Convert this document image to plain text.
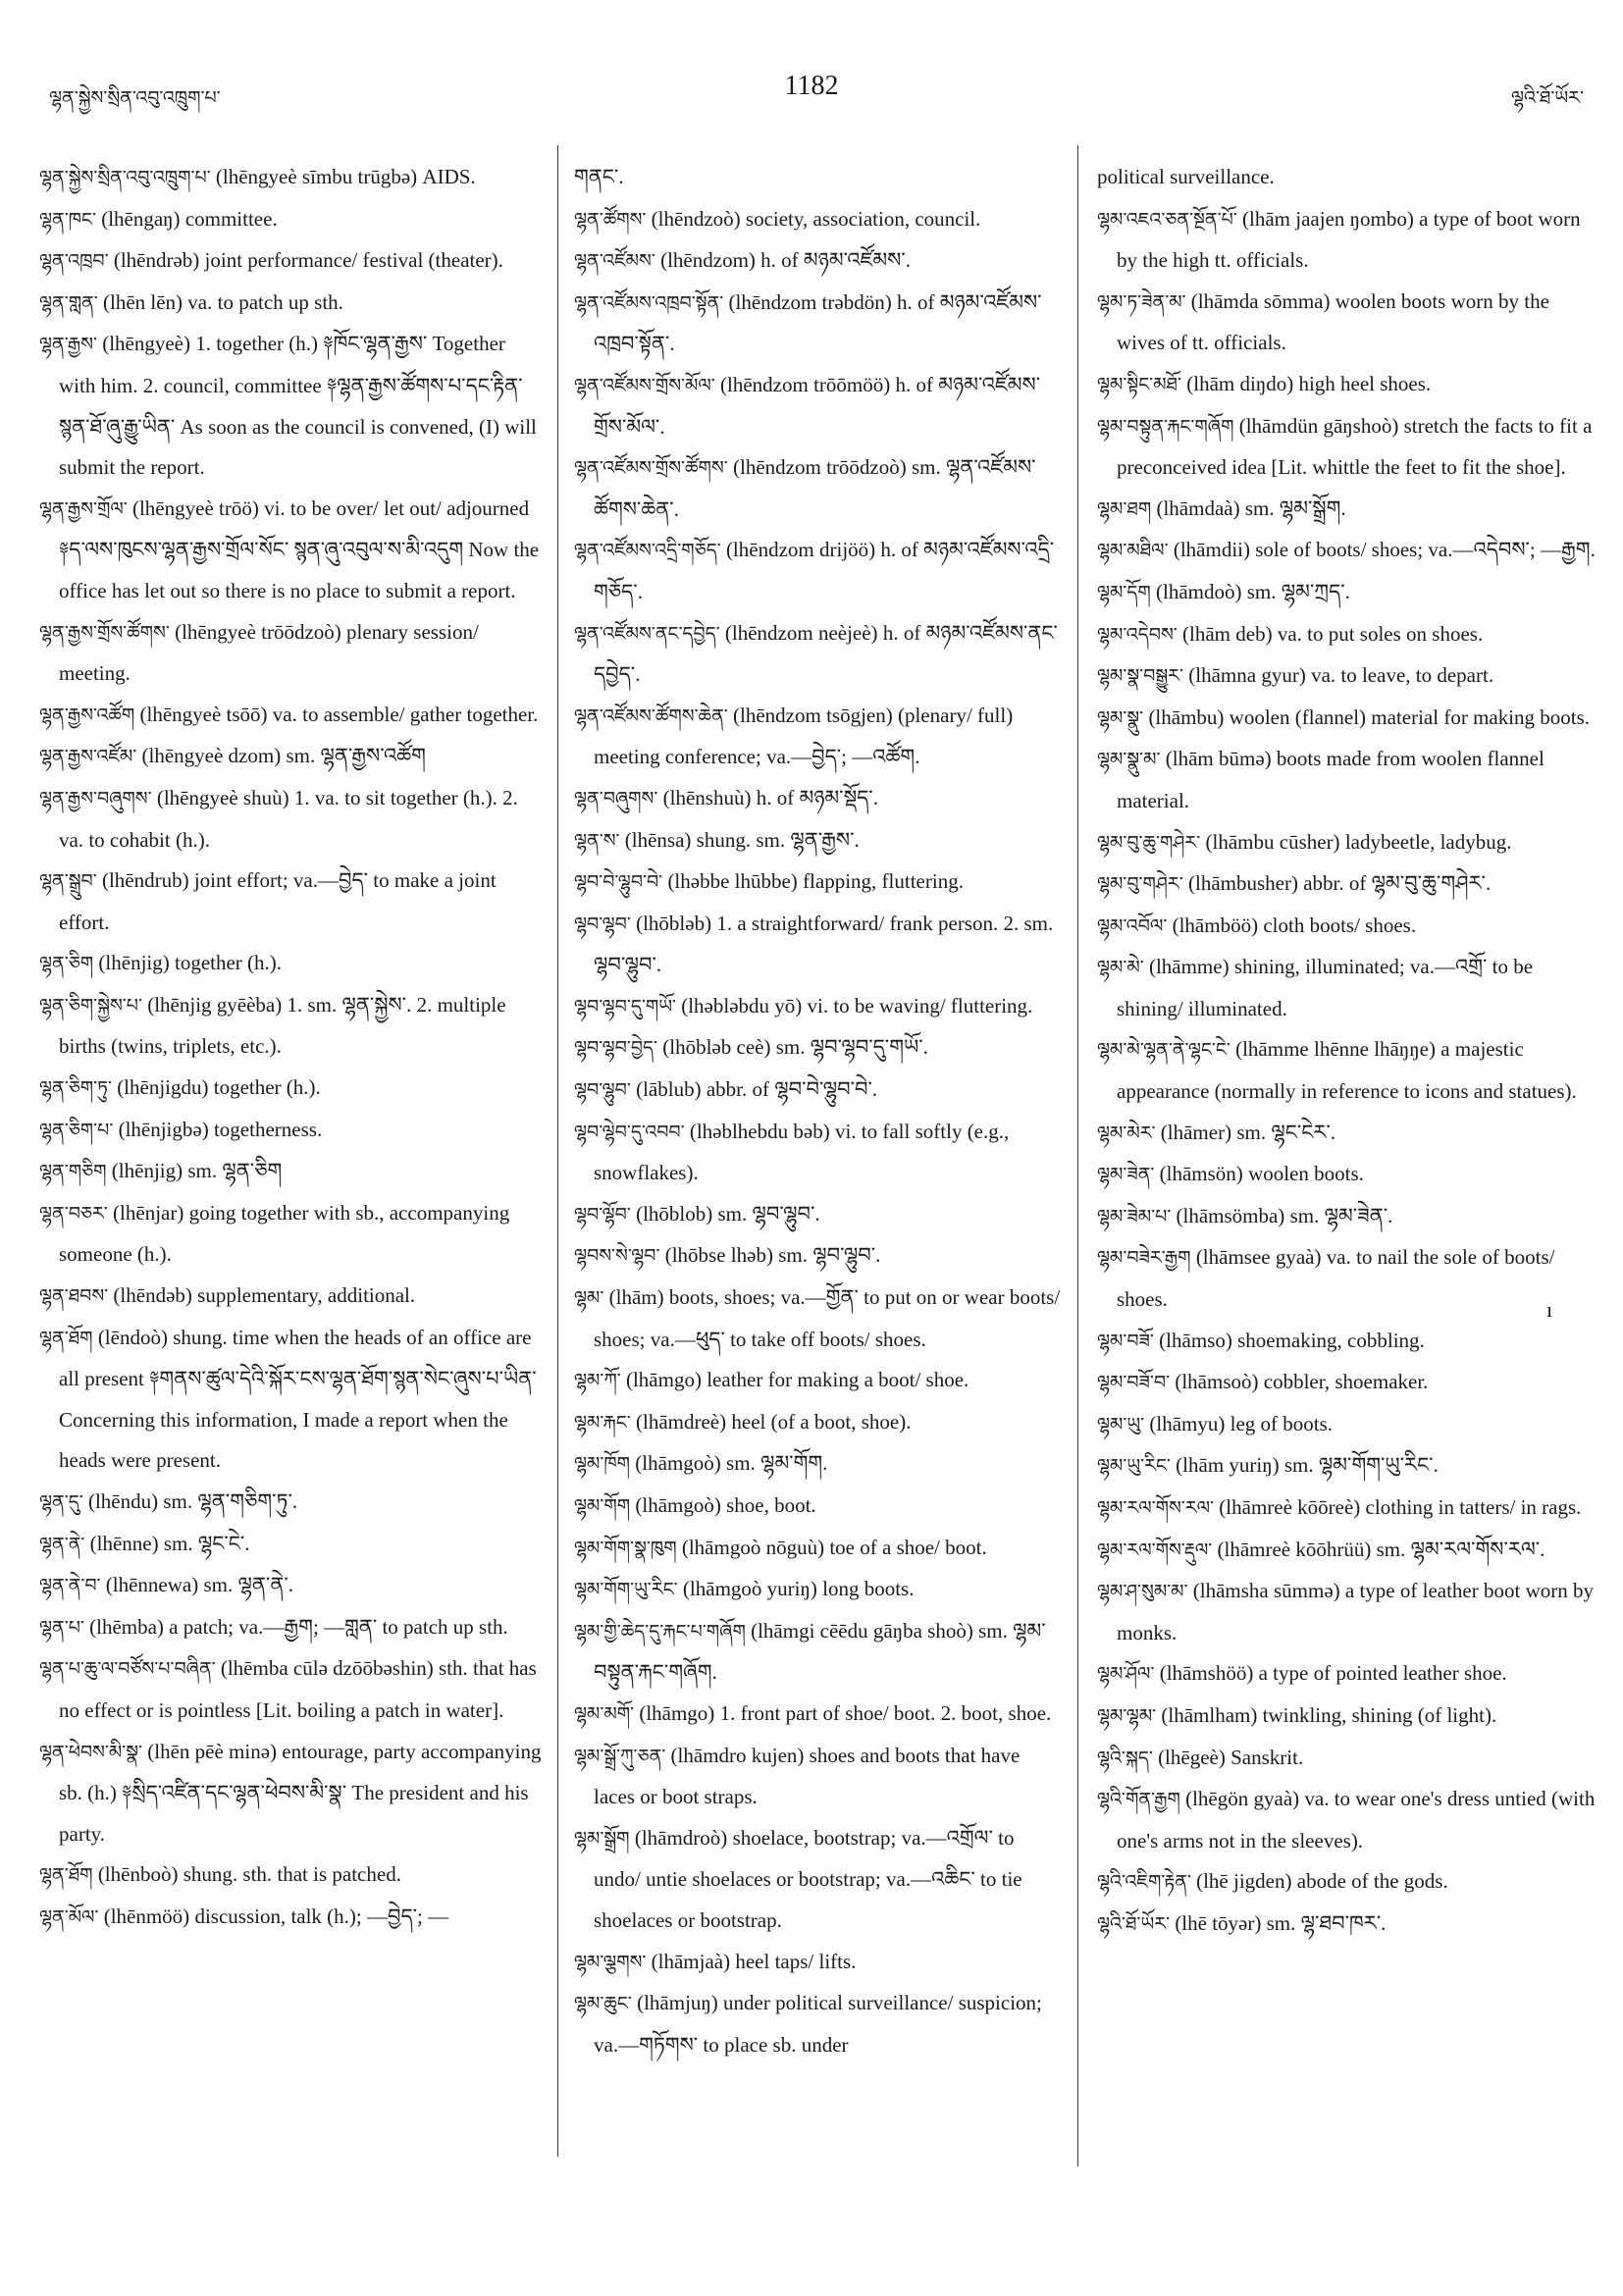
ལྷན་སྐྱེས་སྲིན་འབུ་འཁྲུག་པ་	1182	ལྷའི་ཐོ་ཡོར་

ལྷན་སྐྱེས་སྲིན་འབུ་འཁྲུག་པ་ (lhēngyeè sīmbu trūgbə) AIDS.

ལྷན་ཁང་ (lhēngaŋ) committee.

ལྷན་འཁྲབ་ (lhēndrəb) joint performance/ festival (theater).

ལྷན་གླན་ (lhēn lēn) va. to patch up sth.

ལྷན་རྒྱས་ (lhēngyeè) 1. together (h.) ༈ཁོང་ལྷན་རྒྱས་ Together with him. 2. council, committee ༈ལྷན་རྒྱས་ཚོགས་པ་དང་རྟིན་སྙན་ཐོ་ཞུ་རྒྱུ་ཡིན་ As soon as the council is convened, (I) will submit the report.

ལྷན་རྒྱས་གྲོལ་ (lhēngyeè trōö) vi. to be over/ let out/ adjourned ༈ད་ལས་ཁུངས་ལྷན་རྒྱས་གྲོལ་སོང་ སྙན་ཞུ་འབུལ་ས་མི་འདུག Now the office has let out so there is no place to submit a report.

ལྷན་རྒྱས་གྲོས་ཚོགས་ (lhēngyeè trōōdzoò) plenary session/ meeting.

ལྷན་རྒྱས་འཚོག (lhēngyeè tsōō) va. to assemble/ gather together.

ལྷན་རྒྱས་འཛོམ་ (lhēngyeè dzom) sm. ལྷན་རྒྱས་འཚོག

ལྷན་རྒྱས་བཞུགས་ (lhēngyeè shuù) 1. va. to sit together (h.). 2. va. to cohabit (h.).

ལྷན་སྒྲུབ་ (lhēndrub) joint effort; va.—བྱེད་ to make a joint effort.

ལྷན་ཅིག (lhēnjig) together (h.).

ལྷན་ཅིག་སྐྱེས་པ་ (lhēnjig gyēèba) 1. sm. ལྷན་སྐྱེས་. 2. multiple births (twins, triplets, etc.).

ལྷན་ཅིག་ཏུ་ (lhēnjigdu) together (h.).

ལྷན་ཅིག་པ་ (lhēnjigbə) togetherness.

ལྷན་གཅིག (lhēnjig) sm. ལྷན་ཅིག

ལྷན་བཅར་ (lhēnjar) going together with sb., accompanying someone (h.).

ལྷན་ཐབས་ (lhēndəb) supplementary, additional.

ལྷན་ཐོག (lēndoò) shung. time when the heads of an office are all present ༈གནས་ཚུལ་དེའི་སྐོར་ངས་ལྷན་ཐོག་སྙན་སེང་ཞུས་པ་ཡིན་ Concerning this information, I made a report when the heads were present.

ལྷན་དུ་ (lhēndu) sm. ལྷན་གཅིག་ཏུ་.

ལྷན་ནེ་ (lhēnne) sm. ལྷང་ངེ་.

ལྷན་ནེ་བ་ (lhēnnewa) sm. ལྷན་ནེ་.

ལྷན་པ་ (lhēmba) a patch; va.—རྒྱག; —གླན་ to patch up sth.

ལྷན་པ་ཆུ་ལ་བཙོས་པ་བཞིན་ (lhēmba cūlə dzōōbəshin) sth. that has no effect or is pointless [Lit. boiling a patch in water].

ལྷན་ཕེབས་མི་སྣ་ (lhēn pēè minə) entourage, party accompanying sb. (h.) ༈སྲིད་འཛིན་དང་ལྷན་ཕེབས་མི་སྣ་ The president and his party.

ལྷན་ཐོག (lhēnboò) shung. sth. that is patched.

ལྷན་མོལ་ (lhēnmöö) discussion, talk (h.); —བྱེད་; —

གནང་.

ལྷན་ཚོགས་ (lhēndzoò) society, association, council.

ལྷན་འཛོམས་ (lhēndzom) h. of མཉམ་འཛོམས་.

ལྷན་འཛོམས་འཁྲབ་སྟོན་ (lhēndzom trəbdön) h. of མཉམ་འཛོམས་འཁྲབ་སྟོན་.

ལྷན་འཛོམས་གྲོས་མོལ་ (lhēndzom trōōmöö) h. of མཉམ་འཛོམས་གྲོས་མོལ་.

ལྷན་འཛོམས་གྲོས་ཚོགས་ (lhēndzom trōōdzoò) sm. ལྷན་འཛོམས་ཚོགས་ཆེན་.

ལྷན་འཛོམས་འདྲི་གཅོད་ (lhēndzom drijöö) h. of མཉམ་འཛོམས་འདྲི་གཅོད་.

ལྷན་འཛོམས་ནང་དབྱེད་ (lhēndzom neèjeè) h. of མཉམ་འཛོམས་ནང་དབྱེད་.

ལྷན་འཛོམས་ཚོགས་ཆེན་ (lhēndzom tsōgjen) (plenary/ full) meeting conference; va.—བྱེད་; —འཚོག.

ལྷན་བཞུགས་ (lhēnshuù) h. of མཉམ་སྡོད་.

ལྷན་ས་ (lhēnsa) shung. sm. ལྷན་རྒྱས་.

ལྷབ་བེ་ལྷུབ་བེ་ (lhəbbe lhūbbe) flapping, fluttering.

ལྷབ་ལྷབ་ (lhōbləb) 1. a straightforward/ frank person. 2. sm. ལྷབ་ལྷུབ་.

ལྷབ་ལྷབ་དུ་གཡོ་ (lhəbləbdu yō) vi. to be waving/ fluttering.

ལྷབ་ལྷབ་བྱེད་ (lhōbləb ceè) sm. ལྷབ་ལྷབ་དུ་གཡོ་.

ལྷབ་ལྷུབ་ (lāblub) abbr. of ལྷབ་བེ་ལྷུབ་བེ་.

ལྷབ་ལྷེབ་དུ་འབབ་ (lhəblhebdu bəb) vi. to fall softly (e.g., snowflakes).

ལྷབ་ལྷོབ་ (lhōblob) sm. ལྷབ་ལྷུབ་.

ལྷབས་སེ་ལྷབ་ (lhōbse lhəb) sm. ལྷབ་ལྷུབ་.

ལྷམ་ (lhām) boots, shoes; va.—གྱོན་ to put on or wear boots/ shoes; va.—ཕུད་ to take off boots/ shoes.

ལྷམ་ཀོ་ (lhāmgo) leather for making a boot/ shoe.

ལྷམ་རྐང་ (lhāmdreè) heel (of a boot, shoe).

ལྷམ་ཁོག (lhāmgoò) sm. ལྷམ་གོག.

ལྷམ་གོག (lhāmgoò) shoe, boot.

ལྷམ་གོག་སྣ་ཁུག (lhāmgoò nōguù) toe of a shoe/ boot.

ལྷམ་གོག་ཡུ་རིང་ (lhāmgoò yuriŋ) long boots.

ལྷམ་གྱི་ཆེད་དུ་རྐང་པ་གཞོག (lhāmgi cēēdu gāŋba shoò) sm. ལྷམ་བསྟུན་རྐང་གཞོག.

ལྷམ་མགོ་ (lhāmgo) 1. front part of shoe/ boot. 2. boot, shoe.

ལྷམ་སྒྲོ་ཀུ་ཅན་ (lhāmdro kujen) shoes and boots that have laces or boot straps.

ལྷམ་སྒྲོག (lhāmdroò) shoelace, bootstrap; va.—འགྲོལ་ to undo/ untie shoelaces or bootstrap; va.—འཆིང་ to tie shoelaces or bootstrap.

ལྷམ་ལྕགས་ (lhāmjaà) heel taps/ lifts.

ལྷམ་ཆུང་ (lhāmjuŋ) under political surveillance/ suspicion; va.—གཏོགས་ to place sb. under

political surveillance.

ལྷམ་འཇའ་ཅན་སྔོན་པོ་ (lhām jaajen ŋombo) a type of boot worn by the high tt. officials.

ལྷམ་ཏ་ཟེན་མ་ (lhāmda sōmma) woolen boots worn by the wives of tt. officials.

ལྷམ་སྟིང་མཐོ་ (lhām diŋdo) high heel shoes.

ལྷམ་བསྟུན་རྐང་གཞོག (lhāmdün gāŋshoò) stretch the facts to fit a preconceived idea [Lit. whittle the feet to fit the shoe].

ལྷམ་ཐག (lhāmdaà) sm. ལྷམ་སྒྲོག.

ལྷམ་མཐིལ་ (lhāmdii) sole of boots/ shoes; va.—འདེབས་; —རྒྱག.

ལྷམ་དོག (lhāmdoò) sm. ལྷམ་ཀྲད་.

ལྷམ་འདེབས་ (lhām deb) va. to put soles on shoes.

ལྷམ་སྣ་བསྒྱུར་ (lhāmna gyur) va. to leave, to depart.

ལྷམ་སྣུ་ (lhāmbu) woolen (flannel) material for making boots.

ལྷམ་སྣུ་མ་ (lhām būmə) boots made from woolen flannel material.

ལྷམ་བུ་ཆུ་གཤེར་ (lhāmbu cūsher) ladybeetle, ladybug.

ལྷམ་བུ་གཤེར་ (lhāmbusher) abbr. of ལྷམ་བུ་ཆུ་གཤེར་.

ལྷམ་འབོལ་ (lhāmböö) cloth boots/ shoes.

ལྷམ་མེ་ (lhāmme) shining, illuminated; va.—འགྲོ་ to be shining/ illuminated.

ལྷམ་མེ་ལྷན་ནེ་ལྷང་ངེ་ (lhāmme lhēnne lhāŋŋe) a majestic appearance (normally in reference to icons and statues).

ལྷམ་མེར་ (lhāmer) sm. ལྷང་ངེར་.

ལྷམ་ཟེན་ (lhāmsön) woolen boots.

ལྷམ་ཟེམ་པ་ (lhāmsömba) sm. ལྷམ་ཟེན་.

ལྷམ་བཟེར་རྒྱག (lhāmsee gyaà) va. to nail the sole of boots/ shoes.

ལྷམ་བཟོ་ (lhāmso) shoemaking, cobbling.

ལྷམ་བཟོ་བ་ (lhāmsoò) cobbler, shoemaker.

ལྷམ་ཡུ་ (lhāmyu) leg of boots.

ལྷམ་ཡུ་རིང་ (lhām yuriŋ) sm. ལྷམ་གོག་ཡུ་རིང་.

ལྷམ་རལ་གོས་རལ་ (lhāmreè kōōreè) clothing in tatters/ in rags.

ལྷམ་རལ་གོས་རྡུལ་ (lhāmreè kōōhrüü) sm. ལྷམ་རལ་གོས་རལ་.

ལྷམ་ཤ་སུམ་མ་ (lhāmsha sūmmə) a type of leather boot worn by monks.

ལྷམ་ཤོལ་ (lhāmshöö) a type of pointed leather shoe.

ལྷམ་ལྷམ་ (lhāmlham) twinkling, shining (of light).

ལྷའི་སྐད་ (lhēgeè) Sanskrit.

ལྷའི་གོན་རྒྱག (lhēgön gyaà) va. to wear one's dress untied (with one's arms not in the sleeves).

ལྷའི་འཇིག་རྟེན་ (lhē jigden) abode of the gods.

ལྷའི་ཐོ་ཡོར་ (lhē tōyər) sm. ལྷ་ཐབ་ཁར་.

ı
